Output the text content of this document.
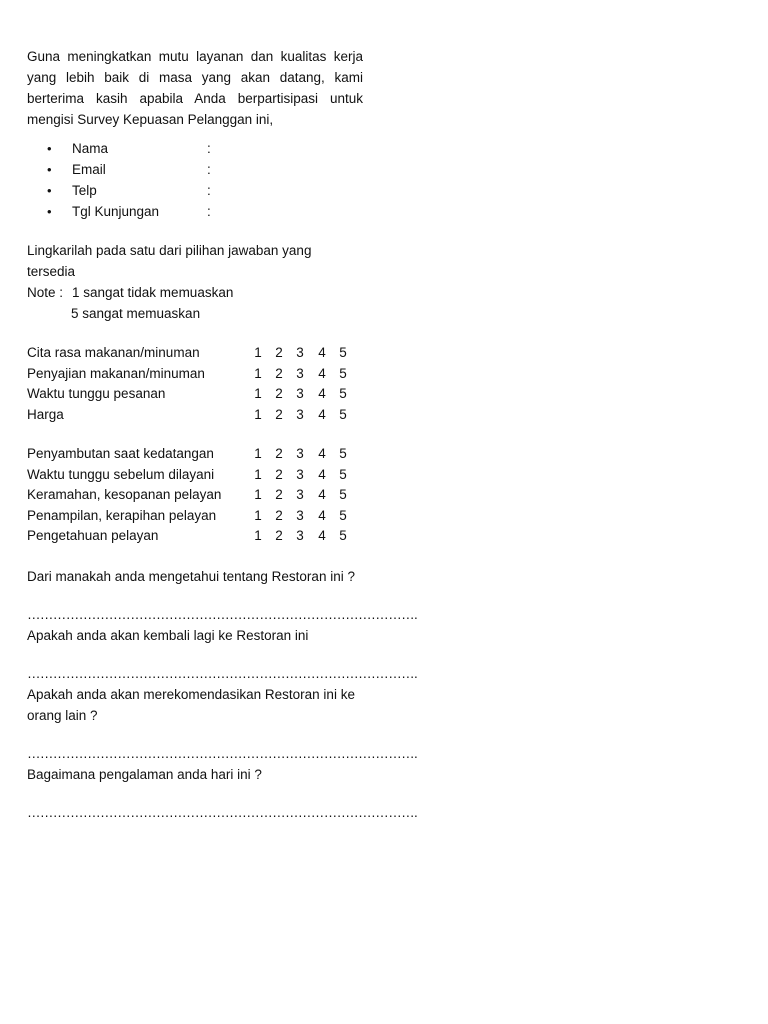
Guna meningkatkan mutu layanan dan kualitas kerja yang lebih baik di masa yang akan datang, kami berterima kasih apabila Anda berpartisipasi untuk mengisi Survey Kepuasan Pelanggan ini,

• Nama	:
• Email	:
• Telp	:
• Tgl Kunjungan	:

Lingkarilah pada satu dari pilihan jawaban yang tersedia

Note : 1 sangat tidak memuaskan
5 sangat memuaskan
Cita rasa makanan/minuman	1 2 3 4 5
Penyajian makanan/minuman	1 2 3 4 5
Waktu tunggu pesanan	1 2 3 4 5
Harga	1 2 3 4 5
Penyambutan saat kedatangan	1 2 3 4 5
Waktu tunggu sebelum dilayani	1 2 3 4 5
Keramahan, kesopanan pelayan 1 2 3 4 5
Penampilan, kerapihan pelayan	1 2 3 4 5
Pengetahuan pelayan	1 2 3 4 5

Dari manakah anda mengetahui tentang Restoran ini ?

……………………………………………………………………………….

Apakah anda akan kembali lagi ke Restoran ini

……………………………………………………………………………….

Apakah anda akan merekomendasikan Restoran ini ke orang lain ?

……………………………………………………………………………….

Bagaimana pengalaman anda hari ini ?

……………………………………………………………………………….
